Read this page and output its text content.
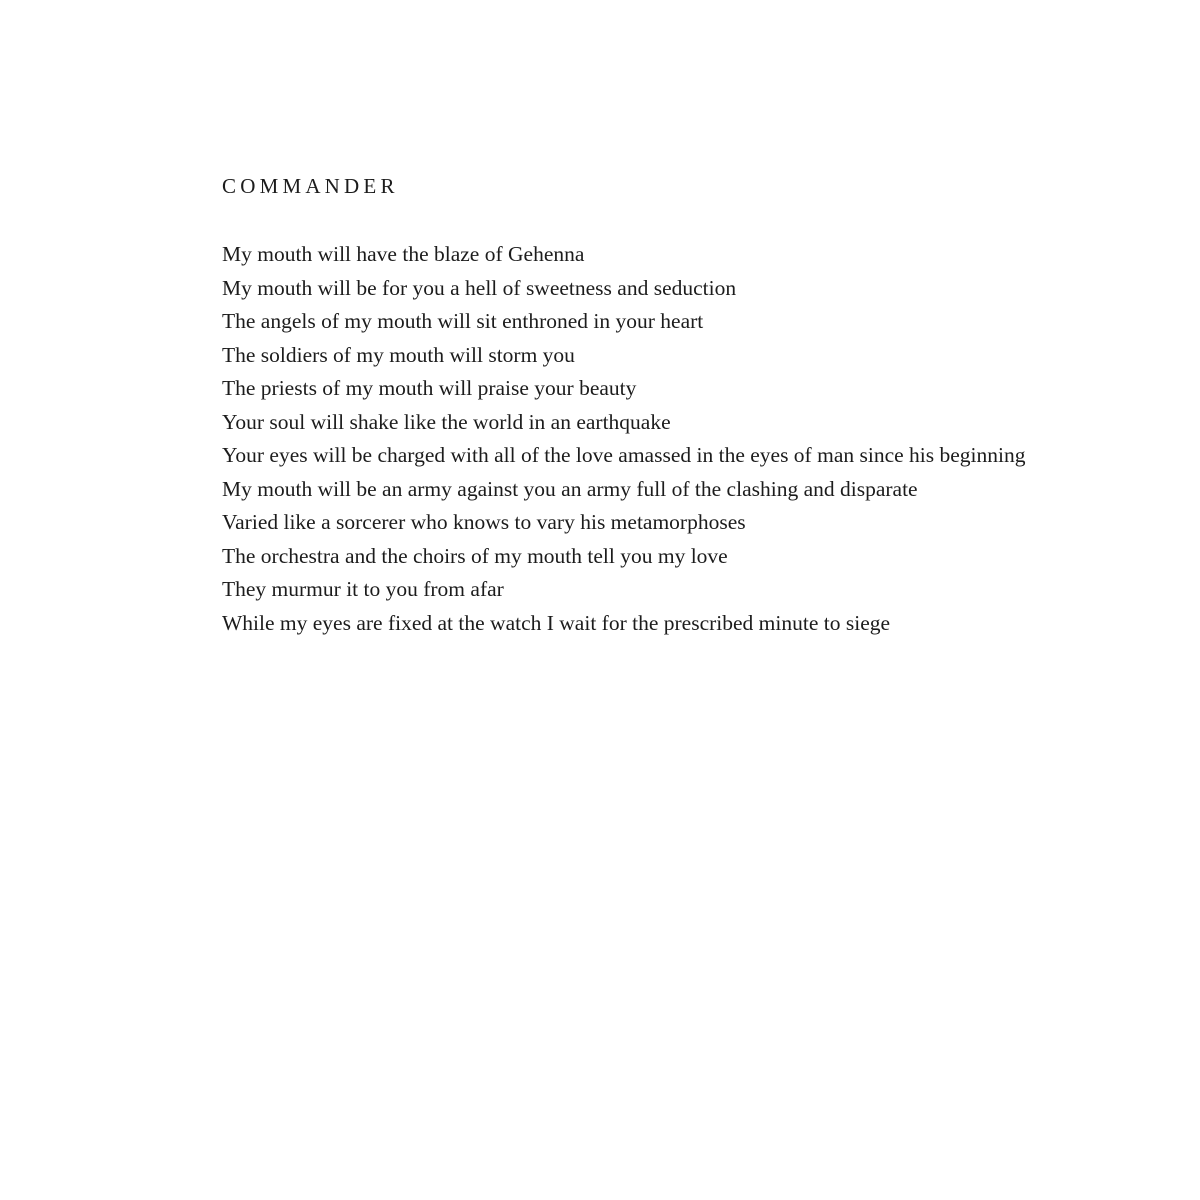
COMMANDER
My mouth will have the blaze of Gehenna
My mouth will be for you a hell of sweetness and seduction
The angels of my mouth will sit enthroned in your heart
The soldiers of my mouth will storm you
The priests of my mouth will praise your beauty
Your soul will shake like the world in an earthquake
Your eyes will be charged with all of the love amassed in the eyes of man since his beginning
My mouth will be an army against you an army full of the clashing and disparate
Varied like a sorcerer who knows to vary his metamorphoses
The orchestra and the choirs of my mouth tell you my love
They murmur it to you from afar
While my eyes are fixed at the watch I wait for the prescribed minute to siege
